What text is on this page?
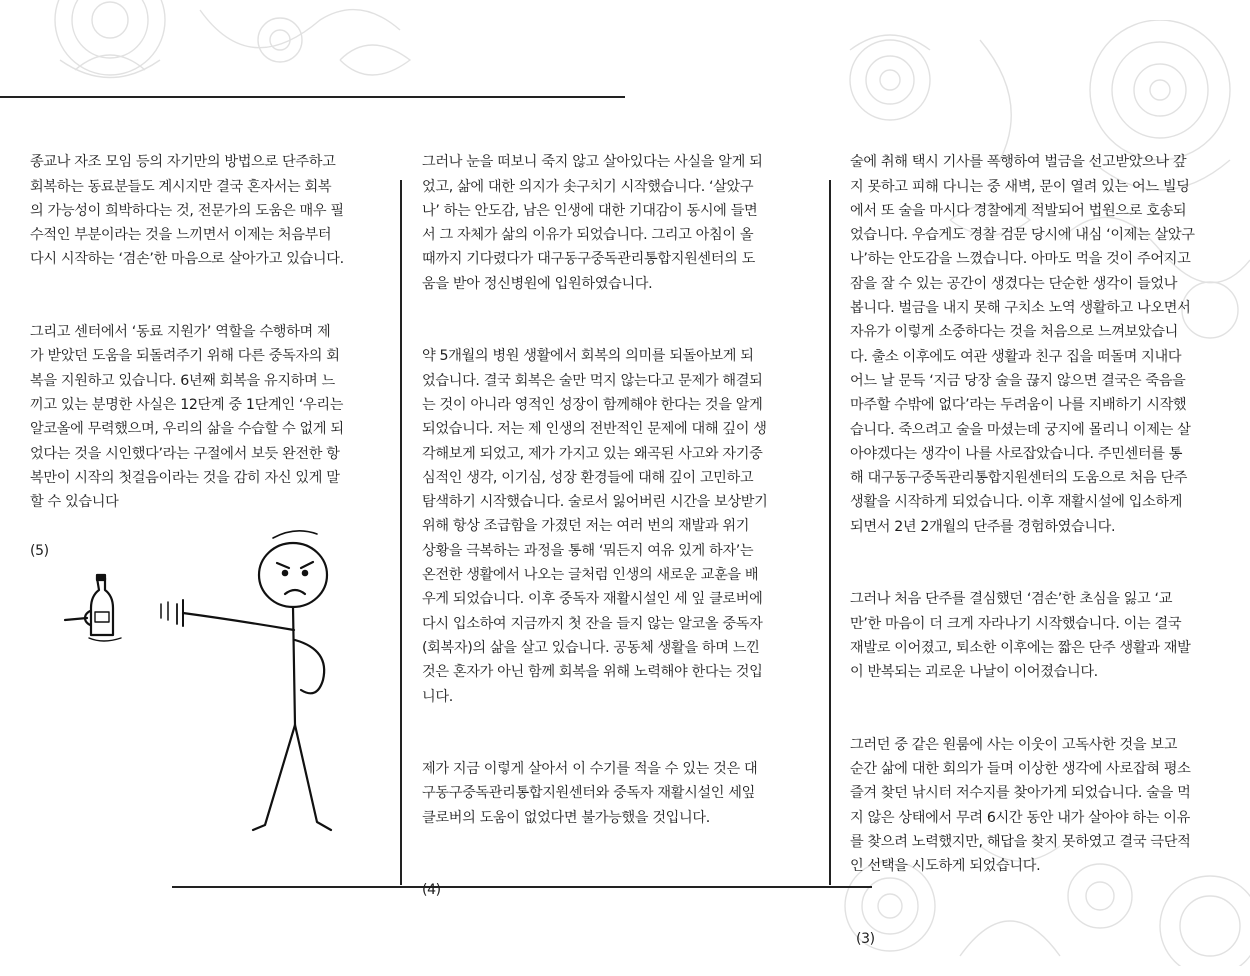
종교나 자조 모임 등의 자기만의 방법으로 단주하고
회복하는 동료분들도 계시지만 결국 혼자서는 회복
의 가능성이 희박하다는 것, 전문가의 도움은 매우 필
수적인 부분이라는 것을 느끼면서 이제는 처음부터
다시 시작하는 ‘겸손’한 마음으로 살아가고 있습니다.

그리고 센터에서 ‘동료 지원가’ 역할을 수행하며 제
가 받았던 도움을 되돌려주기 위해 다른 중독자의 회
복을 지원하고 있습니다. 6년째 회복을 유지하며 느
끼고 있는 분명한 사실은 12단계 중 1단계인 ‘우리는
알코올에 무력했으며, 우리의 삶을 수습할 수 없게 되
었다는 것을 시인했다’라는 구절에서 보듯 완전한 항
복만이 시작의 첫걸음이라는 것을 감히 자신 있게 말
할 수 있습니다

(5)

그러나 눈을 떠보니 죽지 않고 살아있다는 사실을 알게 되
었고, 삶에 대한 의지가 솟구치기 시작했습니다. ‘살았구
나’ 하는 안도감, 남은 인생에 대한 기대감이 동시에 들면
서 그 자체가 삶의 이유가 되었습니다. 그리고 아침이 올
때까지 기다렸다가 대구동구중독관리통합지원센터의 도
움을 받아 정신병원에 입원하였습니다.

약 5개월의 병원 생활에서 회복의 의미를 되돌아보게 되
었습니다. 결국 회복은 술만 먹지 않는다고 문제가 해결되
는 것이 아니라 영적인 성장이 함께해야 한다는 것을 알게
되었습니다. 저는 제 인생의 전반적인 문제에 대해 깊이 생
각해보게 되었고, 제가 가지고 있는 왜곡된 사고와 자기중
심적인 생각, 이기심, 성장 환경들에 대해 깊이 고민하고
탐색하기 시작했습니다. 술로서 잃어버린 시간을 보상받기
위해 항상 조급함을 가졌던 저는 여러 번의 재발과 위기
상황을 극복하는 과정을 통해 ‘뭐든지 여유 있게 하자’는
온전한 생활에서 나오는 글처럼 인생의 새로운 교훈을 배
우게 되었습니다. 이후 중독자 재활시설인 세 잎 클로버에
다시 입소하여 지금까지 첫 잔을 들지 않는 알코올 중독자
(회복자)의 삶을 살고 있습니다. 공동체 생활을 하며 느낀
것은 혼자가 아닌 함께 회복을 위해 노력해야 한다는 것입
니다.

제가 지금 이렇게 살아서 이 수기를 적을 수 있는 것은 대
구동구중독관리통합지원센터와 중독자 재활시설인 세잎
클로버의 도움이 없었다면 불가능했을 것입니다.

(4)

술에 취해 택시 기사를 폭행하여 벌금을 선고받았으나 갚
지 못하고 피해 다니는 중 새벽, 문이 열려 있는 어느 빌딩
에서 또 술을 마시다 경찰에게 적발되어 법원으로 호송되
었습니다. 우습게도 경찰 검문 당시에 내심 ‘이제는 살았구
나’하는 안도감을 느꼈습니다. 아마도 먹을 것이 주어지고
잠을 잘 수 있는 공간이 생겼다는 단순한 생각이 들었나
봅니다. 벌금을 내지 못해 구치소 노역 생활하고 나오면서
자유가 이렇게 소중하다는 것을 처음으로 느껴보았습니
다. 출소 이후에도 여관 생활과 친구 집을 떠돌며 지내다
어느 날 문득 ‘지금 당장 술을 끊지 않으면 결국은 죽음을
마주할 수밖에 없다’라는 두려움이 나를 지배하기 시작했
습니다. 죽으려고 술을 마셨는데 궁지에 몰리니 이제는 살
아야겠다는 생각이 나를 사로잡았습니다. 주민센터를 통
해 대구동구중독관리통합지원센터의 도움으로 처음 단주
생활을 시작하게 되었습니다. 이후 재활시설에 입소하게
되면서 2년 2개월의 단주를 경험하였습니다.

그러나 처음 단주를 결심했던 ‘겸손’한 초심을 잃고 ‘교
만’한 마음이 더 크게 자라나기 시작했습니다. 이는 결국
재발로 이어졌고, 퇴소한 이후에는 짧은 단주 생활과 재발
이 반복되는 괴로운 나날이 이어졌습니다.

그러던 중 같은 원룸에 사는 이웃이 고독사한 것을 보고
순간 삶에 대한 회의가 들며 이상한 생각에 사로잡혀 평소
즐겨 찾던 낚시터 저수지를 찾아가게 되었습니다. 술을 먹
지 않은 상태에서 무려 6시간 동안 내가 살아야 하는 이유
를 찾으려 노력했지만, 해답을 찾지 못하였고 결국 극단적
인 선택을 시도하게 되었습니다.

(3)
